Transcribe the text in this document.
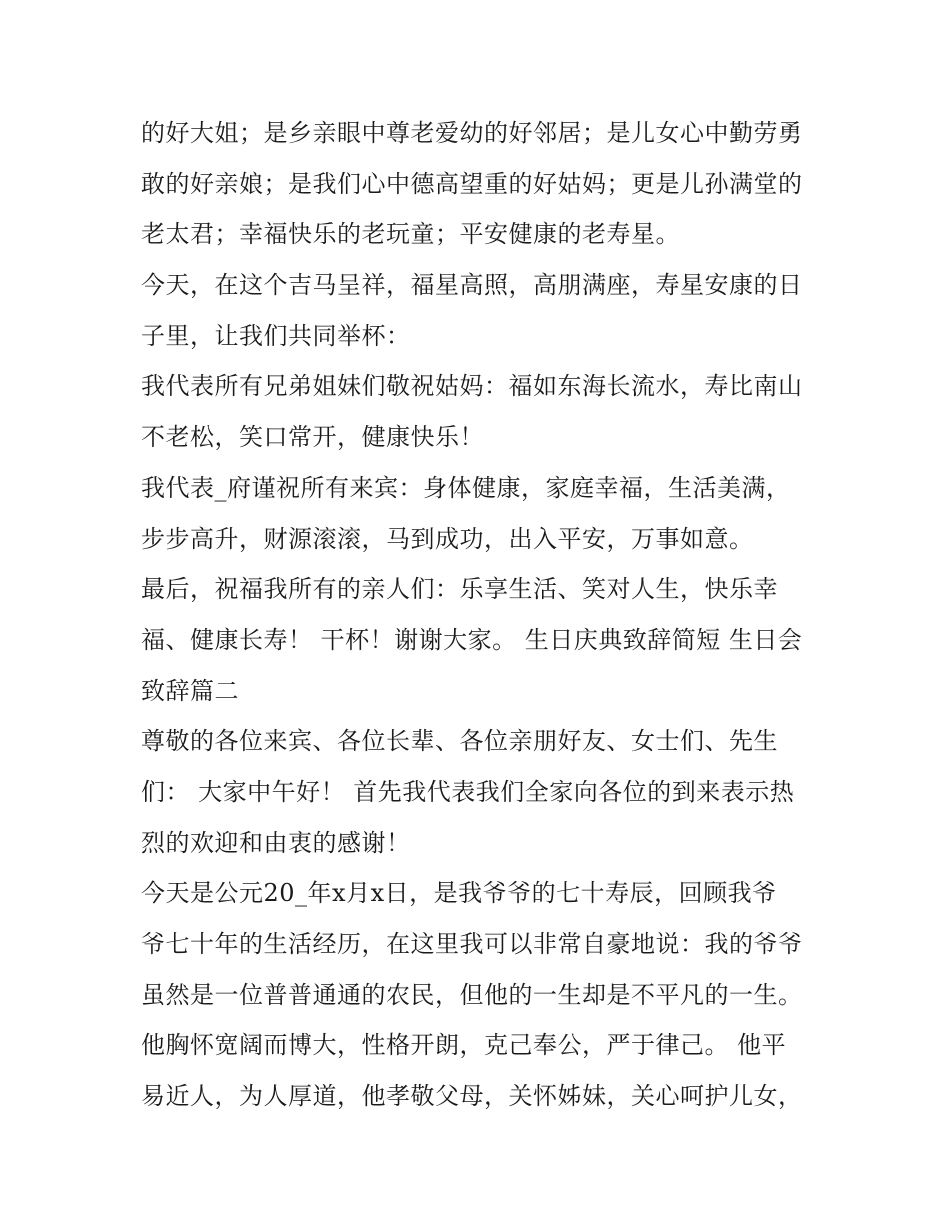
的好大姐；是乡亲眼中尊老爱幼的好邻居；是儿女心中勤劳勇
敢的好亲娘；是我们心中德高望重的好姑妈；更是儿孙满堂的
老太君；幸福快乐的老玩童；平安健康的老寿星。
今天，在这个吉马呈祥，福星高照，高朋满座，寿星安康的日
子里，让我们共同举杯：
我代表所有兄弟姐妹们敬祝姑妈：福如东海长流水，寿比南山
不老松，笑口常开，健康快乐！
我代表_府谨祝所有来宾：身体健康，家庭幸福，生活美满，
步步高升，财源滚滚，马到成功，出入平安，万事如意。
最后，祝福我所有的亲人们：乐享生活、笑对人生，快乐幸
福、健康长寿！ 干杯！谢谢大家。 生日庆典致辞简短 生日会
致辞篇二
尊敬的各位来宾、各位长辈、各位亲朋好友、女士们、先生
们： 大家中午好！ 首先我代表我们全家向各位的到来表示热
烈的欢迎和由衷的感谢！
今天是公元20_年x月x日，是我爷爷的七十寿辰，回顾我爷
爷七十年的生活经历，在这里我可以非常自豪地说：我的爷爷
虽然是一位普普通通的农民，但他的一生却是不平凡的一生。
他胸怀宽阔而博大，性格开朗，克己奉公，严于律己。 他平
易近人，为人厚道，他孝敬父母，关怀姊妹，关心呵护儿女，
